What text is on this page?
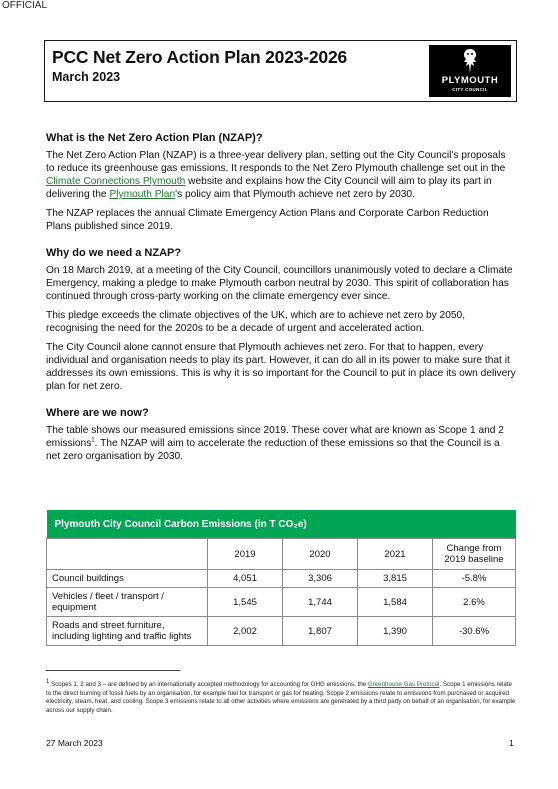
OFFICIAL
PCC Net Zero Action Plan 2023-2026
March 2023	PLYMOUTH
CITY COUNCIL
What is the Net Zero Action Plan (NZAP)?

The Net Zero Action Plan (NZAP) is a three-year delivery plan, setting out the City Council's proposals to reduce its greenhouse gas emissions. It responds to the Net Zero Plymouth challenge set out in the Climate Connections Plymouth website and explains how the City Council will aim to play its part in delivering the Plymouth Plan's policy aim that Plymouth achieve net zero by 2030.

The NZAP replaces the annual Climate Emergency Action Plans and Corporate Carbon Reduction Plans published since 2019.

Why do we need a NZAP?

On 18 March 2019, at a meeting of the City Council, councillors unanimously voted to declare a Climate Emergency, making a pledge to make Plymouth carbon neutral by 2030. This spirit of collaboration has continued through cross-party working on the climate emergency ever since.

This pledge exceeds the climate objectives of the UK, which are to achieve net zero by 2050, recognising the need for the 2020s to be a decade of urgent and accelerated action.

The City Council alone cannot ensure that Plymouth achieves net zero. For that to happen, every individual and organisation needs to play its part. However, it can do all in its power to make sure that it addresses its own emissions. This is why it is so important for the Council to put in place its own delivery plan for net zero.

Where are we now?

The table shows our measured emissions since 2019. These cover what are known as Scope 1 and 2 emissions$^1$. The NZAP will aim to accelerate the reduction of these emissions so that the Council is a net zero organisation by 2030.

Plymouth City Council Carbon Emissions (in T CO₂e)				
	2019	2020	2021	Change from 2019 baseline
Council buildings	4,051	3,306	3,815	-5.8%
Vehicles / fleet / transport / equipment	1,545	1,744	1,584	2.6%
Roads and street furniture, including lighting and traffic lights	2,002	1,807	1,390	-30.6%
$^1$ Scopes 1, 2 and 3 – are defined by an internationally accepted methodology for accounting for GHG emissions, the Greenhouse Gas Protocol. Scope 1 emissions relate to the direct burning of fossil fuels by an organisation, for example fuel for transport or gas for heating. Scope 2 emissions relate to emissions from purchased or acquired electricity, steam, heat, and cooling. Scope 3 emissions relate to all other activities where emissions are generated by a third party on behalf of an organisation, for example across our supply chain.
27 March 2023	1
